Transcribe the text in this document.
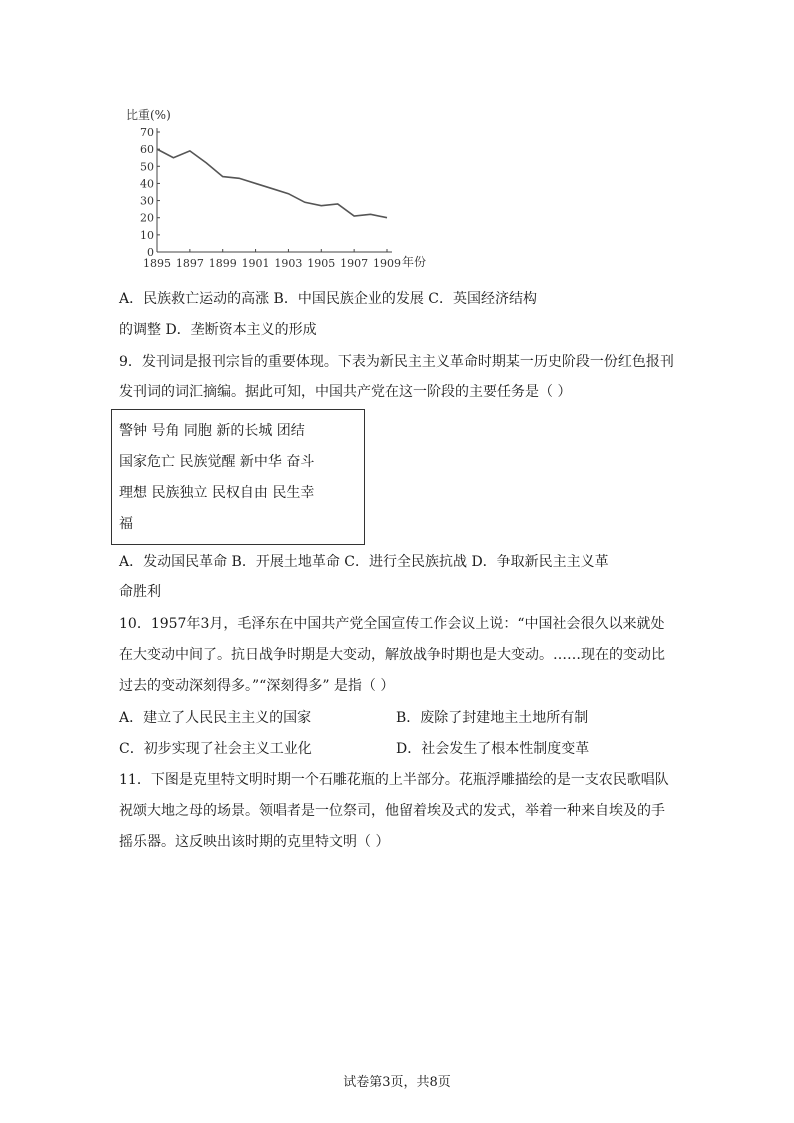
70
60
50
40
30
20
10
0
1895 1897 1899 1901 1903 1905 1907 1909
比重(%)
年份
A．民族救亡运动的高涨 B．中国民族企业的发展 C．英国经济结构
的调整 D．垄断资本主义的形成
9．发刊词是报刊宗旨的重要体现。下表为新民主主义革命时期某一历史阶段一份红色报刊
发刊词的词汇摘编。据此可知，中国共产党在这一阶段的主要任务是（ ）
警钟 号角 同胞 新的长城 团结
国家危亡 民族觉醒 新中华 奋斗
理想 民族独立 民权自由 民生幸
福
A．发动国民革命 B．开展土地革命 C．进行全民族抗战 D．争取新民主主义革
命胜利
10．1957年3月，毛泽东在中国共产党全国宣传工作会议上说：“中国社会很久以来就处
在大变动中间了。抗日战争时期是大变动，解放战争时期也是大变动。……现在的变动比
过去的变动深刻得多。”“深刻得多” 是指（ ）
A．建立了人民民主主义的国家	B．废除了封建地主土地所有制
C．初步实现了社会主义工业化	D．社会发生了根本性制度变革
11．下图是克里特文明时期一个石雕花瓶的上半部分。花瓶浮雕描绘的是一支农民歌唱队
祝颂大地之母的场景。领唱者是一位祭司，他留着埃及式的发式，举着一种来自埃及的手
摇乐器。这反映出该时期的克里特文明（ ）
试卷第3页，共8页
